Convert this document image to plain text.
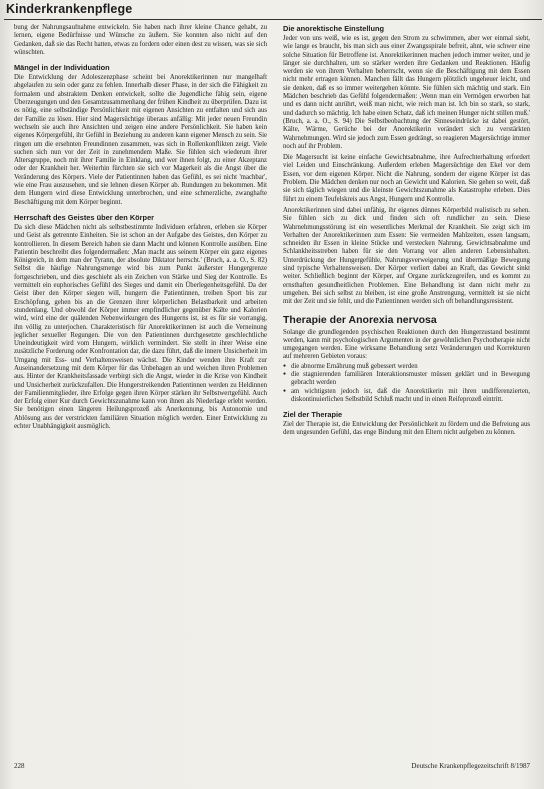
Kinderkrankenpflege

bung der Nahrungsaufnahme entwickeln. Sie haben nach ihrer kleine Chance gehabt, zu lernen, eigene Bedürfnisse und Wünsche zu äußern. Sie konnten also nicht auf den Gedanken, daß sie das Recht hatten, etwas zu fordern oder einen dest zu wissen, was sie sich wünschten.

Mängel in der Individuation

Die Entwicklung der Adoleszenzphase scheint bei Anorektikerinnen nur mangelhaft abgelaufen zu sein oder ganz zu fehlen. Innerhalb dieser Phase, in der sich die Fähigkeit zu formalem und abstraktem Denken entwickelt, sollte die Jugendliche fähig sein, eigene Überzeugungen und den Gesamtzusammenhang der frühen Kindheit zu überprüfen. Dazu ist es nötig, eine selbständige Persönlichkeit mit eigenen Ansichten zu entfalten und sich aus der Familie zu lösen. Hier sind Magersüchtige überaus anfällig: Mit jeder neuen Freundin wechseln sie auch ihre Ansichten und zeigen eine andere Persönlichkeit. Sie haben kein eigenes Körpergefühl, ihr Gefühl in Beziehung zu anderen kann eigener Mensch zu sein. Sie ringen um die ersehnten Freundinnen zusammen, was sich in Rollenkonflikten zeigt. Viele suchen sich nun vor der Zeit in zunehmendem Maße. Sie fühlen sich wiederum ihrer Altersgruppe, noch mit ihrer Familie in Einklang, und wer ihnen folgt, zu einer Akzeptanz oder der Krankheit her. Weiterhin fürchten sie sich vor Magerkeit als die Angst über die Veränderung des Körpers. Viele der Patientinnen haben das Gefühl, es sei nicht 'machbar', wie eine Frau auszusehen, und sie lehnen diesen Körper ab. Rundungen zu bekommen. Mit dem Hungern wird diese Entwicklung unterbrochen, und eine schmerzliche, zwanghafte Beschäftigung mit dem Körper beginnt.

Herrschaft des Geistes über den Körper

Da sich diese Mädchen nicht als selbstbestimmte Individuen erfahren, erleben sie Körper und Geist als getrennte Einheiten. Sie ist schon an der Aufgabe des Geistes, den Körper zu kontrollieren. In diesem Bereich haben sie dann Macht und können Kontrolle ausüben. Eine Patientin beschreibt dies folgendermaßen: ,Man macht aus seinem Körper ein ganz eigenes Königreich, in dem man der Tyrann, der absolute Diktator herrscht.' (Bruch, a. a. O., S. 82) Selbst die häufige Nahrungsmenge wird bis zum Punkt äußerster Hungergrenze fortgeschrieben, und dies geschieht als ein Zeichen von Stärke und Sieg der Kontrolle. Es vermittelt ein euphorisches Gefühl des Sieges und damit ein Überlegenheitsgefühl. Da der Geist über den Körper siegen will, hungern die Patientinnen, treiben Sport bis zur Erschöpfung, gehen bis an die Grenzen ihrer körperlichen Belastbarkeit und arbeiten stundenlang. Und obwohl der Körper immer empfindlicher gegenüber Kälte und Kalorien wird, wird eine der quälenden Nebenwirkungen des Hungerns ist, ist es für sie vorrangig, ihn völlig zu unterjochen. Charakteristisch für Anorektikerinnen ist auch die Verneinung jeglicher sexueller Regungen. Die von den Patientinnen durchgesetzte geschlechtliche Uneindeutigkeit wird vom Hungern, wirklich vermindert. Sie stellt in ihrer Weise eine zusätzliche Forderung oder Konfrontation dar, die dazu führt, daß die innere Unsicherheit im Umgang mit Ess- und Verhaltensweisen wächst. Die Kinder wenden ihre Kraft zur Auseinandersetzung mit dem Körper für das Unbehagen an und weichen ihren Problemen aus. Hinter der Krankheitsfassade verbirgt sich die Angst, wieder in die Krise von Kindheit und Unsicherheit zurückzufallen. Die Hungerstreikenden Patientinnen werden zu Heldinnen der Familienmitglieder, ihre Erfolge gegen ihren Körper stärken ihr Selbstwertgefühl. Auch der Erfolg einer Kur durch Gewichtszunahme kann von ihnen als Niederlage erlebt werden. Sie benötigen einen längeren Heilungsprozeß als Anerkennung, bis Autonomie und Ablösung aus der verstrickten familiären Situation möglich werden. Einer Entwicklung zu echter Unabhängigkeit ausmöglich.

Die anorektische Einstellung

Jeder von uns weiß, wie es ist, gegen den Strom zu schwimmen, aber wer einmal sieht, wie lange es braucht, bis man sich aus einer Zwangsspirale befreit, ahnt, wie schwer eine solche Situation für Betroffene ist. Anorektikerinnen machen jedoch immer weiter, und je länger sie durchhalten, um so stärker werden ihre Gedanken und Reaktionen. Häufig werden sie von ihrem Verhalten beherrscht, wenn sie die Beschäftigung mit dem Essen nicht mehr ertragen können. Manchen fällt das Hungern plötzlich ungeheuer leicht, und sie denken, daß es so immer weitergehen könnte. Sie fühlen sich mächtig und stark. Ein Mädchen beschrieb das Gefühl folgendermaßen: ,Wenn man ein Vermögen erworben hat und es dann nicht anrührt, weiß man nicht, wie reich man ist. Ich bin so stark, so stark, und dadurch so mächtig. Ich habe einen Schatz, daß ich meinen Hunger nicht stillen muß.' (Bruch, a. a. O., S. 94) Die Selbstbeobachtung der Sinneseindrücke ist dabei gestört, Kälte, Wärme, Gerüche bei der Anorektikerin verändert sich zu verstärkten Wahrnehmungen. Wird sie jedoch zum Essen gedrängt, so reagieren Magersüchtige immer noch auf ihr Problem.

Die Magersucht ist keine einfache Gewichtsabnahme, ihre Aufrechterhaltung erfordert viel Leiden und Einschränkung. Außerdem erleben Magersüchtige den Ekel vor dem Essen, vor dem eigenen Körper. Nicht die Nahrung, sondern der eigene Körper ist das Problem. Die Mädchen denken nur noch an Gewicht und Kalorien. Sie gehen so weit, daß sie sich täglich wiegen und die kleinste Gewichtszunahme als Katastrophe erleben. Dies führt zu einem Teufelskreis aus Angst, Hungern und Kontrolle.

Anorektikerinnen sind dabei unfähig, ihr eigenes dünnes Körperbild realistisch zu sehen. Sie fühlen sich zu dick und finden sich oft rundlicher zu sein. Diese Wahrnehmungsstörung ist ein wesentliches Merkmal der Krankheit. Sie zeigt sich im Verhalten der Anorektikerinnen zum Essen: Sie vermeiden Mahlzeiten, essen langsam, schneiden ihr Essen in kleine Stücke und verstecken Nahrung. Gewichtsabnahme und Schlankheitsstreben haben für sie den Vorrang vor allen anderen Lebensinhalten. Unterdrückung der Hungergefühle, Nahrungsverweigerung und übermäßige Bewegung sind typische Verhaltensweisen. Der Körper verliert dabei an Kraft, das Gewicht sinkt weiter. Schließlich beginnt der Körper, auf Organe zurückzugreifen, und es kommt zu ernsthaften gesundheitlichen Problemen. Eine Behandlung ist dann nicht mehr zu umgehen. Bei sich selbst zu bleiben, ist eine große Anstrengung, vermittelt ist sie nicht mit der Zeit und sie fehlt, und die Patientinnen werden sich oft behandlungsresistent.

Therapie der Anorexia nervosa

Solange die grundlegenden psychischen Reaktionen durch den Hungerzustand bestimmt werden, kann mit psychologischen Argumenten in der gewöhnlichen Psychotherapie nicht umgegangen werden. Eine wirksame Behandlung setzt Veränderungen und Korrekturen auf mehreren Gebieten voraus:

● die abnorme Ernährung muß gebessert werden
● die stagnierenden familiären Interaktionsmuster müssen geklärt und in Bewegung gebracht werden
● am wichtigsten jedoch ist, daß die Anorektikerin mit ihren undifferenzierten, diskontinuierlichen Selbstbild Schluß macht und in einen Reifeprozeß eintritt.
Ziel der Therapie

Ziel der Therapie ist, die Entwicklung der Persönlichkeit zu fördern und die Befreiung aus dem ungesunden Gefühl, das enge Bindung mit den Eltern nicht aufgeben zu können.

228	Deutsche Krankenpflegezeitschrift 8/1987
